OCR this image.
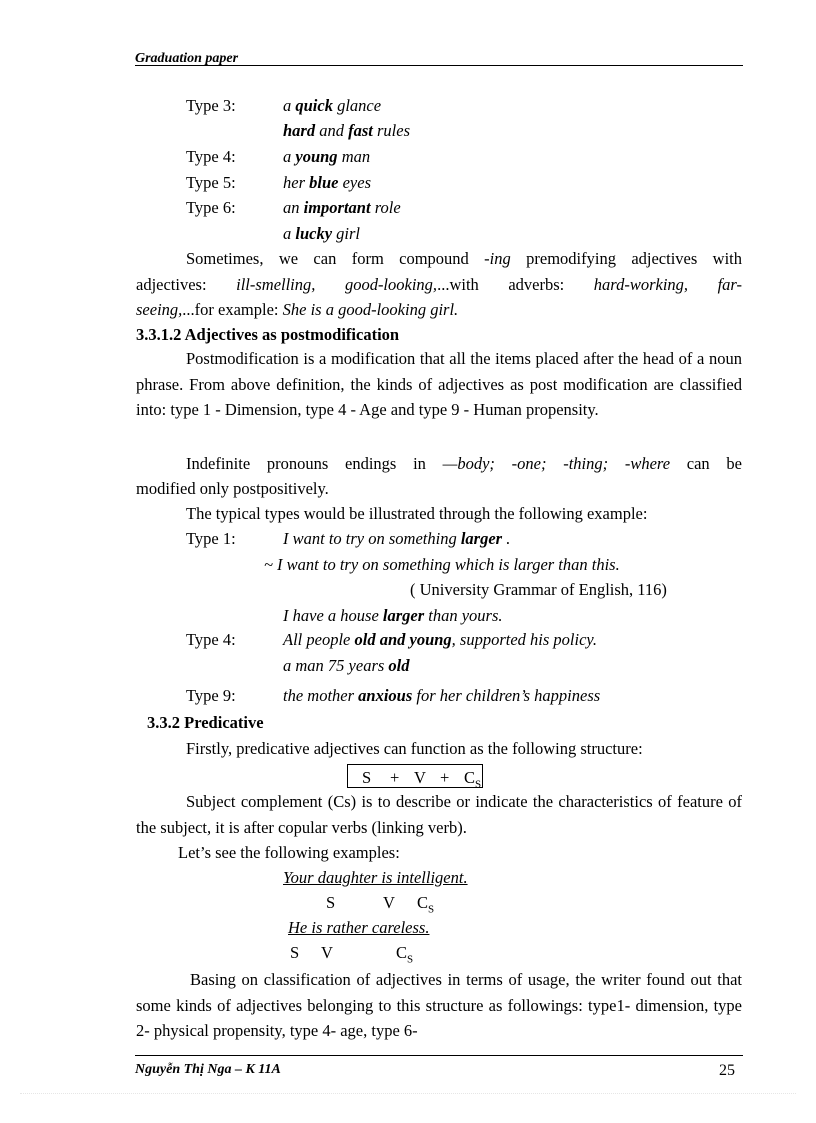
Graduation paper
Type 3:	a quick glance
hard and fast rules
Type 4:	a young man
Type 5:	her blue eyes
Type 6:	an important role
a lucky girl
Sometimes, we can form compound -ing premodifying adjectives with
adjectives: ill-smelling, good-looking,...with adverbs: hard-working, far-
seeing,...for example: She is a good-looking girl.
3.3.1.2 Adjectives as postmodification
Postmodification is a modification that all the items placed after the head of a noun phrase. From above definition, the kinds of adjectives as post modification are classified into: type 1 - Dimension, type 4 - Age and type 9 - Human propensity.
Indefinite pronouns endings in —body; -one; -thing; -where can be
modified only postpositively.
The typical types would be illustrated through the following example:
Type 1:	I want to try on something larger .
~ I want to try on something which is larger than this.
( University Grammar of English, 116)
I have a house larger than yours.
Type 4:	All people old and young, supported his policy.
a man 75 years old
Type 9:	the mother anxious for her children’s happiness
3.3.2 Predicative
Firstly, predicative adjectives can function as the following structure:
$S + V + C_S$
Subject complement (Cs) is to describe or indicate the characteristics of feature of the subject, it is after copular verbs (linking verb).
Let’s see the following examples:
Your daughter is intelligent.
S	V $C_S$
He is rather careless.
S V	$C_S$
Basing on classification of adjectives in terms of usage, the writer found out that some kinds of adjectives belonging to this structure as followings: type1- dimension, type 2- physical propensity, type 4- age, type 6-
Nguyễn Thị Nga – K 11A	25
